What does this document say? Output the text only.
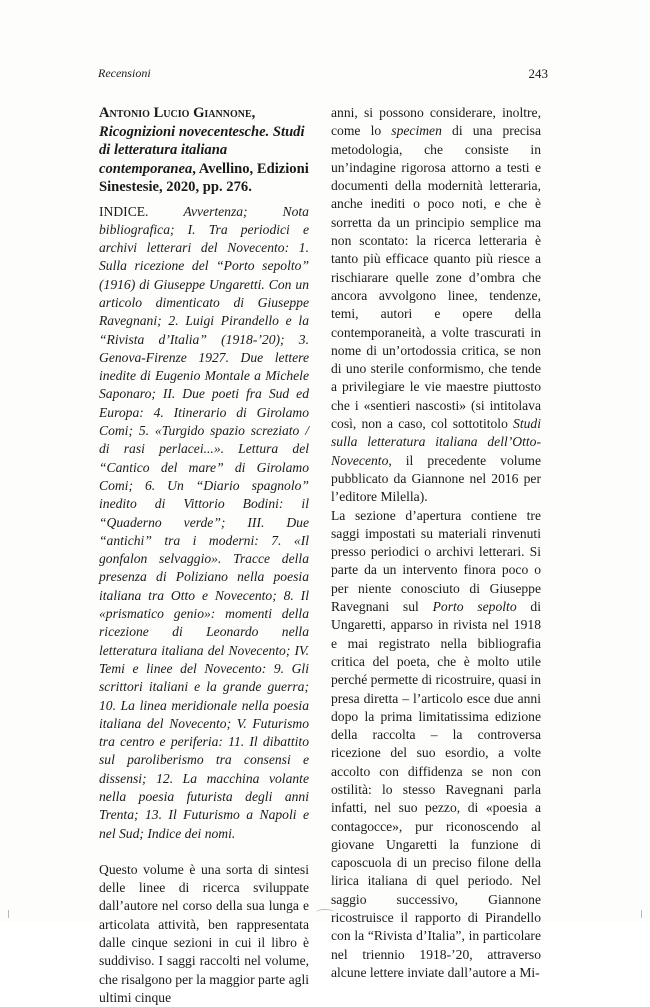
Recensioni	243

Antonio Lucio Giannone, Ricognizioni novecentesche. Studi di letteratura italiana contemporanea, Avellino, Edizioni Sinestesie, 2020, pp. 276.

INDICE.	Avvertenza; Nota bibliografica; I. Tra periodici e archivi letterari del Novecento: 1. Sulla ricezione del “Porto sepolto” (1916) di Giuseppe Ungaretti. Con un articolo dimenticato di Giuseppe Ravegnani; 2. Luigi Pirandello e la “Rivista d’Italia” (1918-’20); 3. Genova-Firenze 1927. Due lettere inedite di Eugenio Montale a Michele Saponaro; II. Due poeti fra Sud ed Europa: 4. Itinerario di Girolamo Comi; 5. «Turgido spazio screziato / di rasi perlacei...». Lettura del “Cantico del mare” di Girolamo Comi; 6. Un “Diario spagnolo” inedito di Vittorio Bodini: il “Quaderno verde”; III. Due “antichi” tra i moderni: 7. «Il gonfalon selvaggio». Tracce della presenza di Poliziano nella poesia italiana tra Otto e Novecento; 8. Il «prismatico genio»: momenti della ricezione di Leonardo nella letteratura italiana del Novecento; IV. Temi e linee del Novecento: 9. Gli scrittori italiani e la grande guerra; 10. La linea meridionale nella poesia italiana del Novecento; V. Futurismo tra centro e periferia: 11. Il dibattito sul paroliberismo tra consensi e dissensi; 12. La macchina volante nella poesia futurista degli anni Trenta; 13. Il Futurismo a Napoli e nel Sud; Indice dei nomi.

Questo volume è una sorta di sintesi delle linee di ricerca sviluppate dall’autore nel corso della sua lunga e articolata attività, ben rappresentata dalle cinque sezioni in cui il libro è suddiviso. I saggi raccolti nel volume, che risalgono per la maggior parte agli ultimi cinque

anni, si possono considerare, inoltre, come lo specimen di una precisa metodologia, che consiste in un’indagine rigorosa attorno a testi e documenti della modernità letteraria, anche inediti o poco noti, e che è sorretta da un principio semplice ma non scontato: la ricerca letteraria è tanto più efficace quanto più riesce a rischiarare quelle zone d’ombra che ancora avvolgono linee, tendenze, temi, autori e opere della contemporaneità, a volte trascurati in nome di un’ortodossia critica, se non di uno sterile conformismo, che tende a privilegiare le vie maestre piuttosto che i «sentieri nascosti» (si intitolava così, non a caso, col sottotitolo Studi sulla letteratura italiana dell’Otto-Novecento, il precedente volume pubblicato da Giannone nel 2016 per l’editore Milella).

La sezione d’apertura contiene tre saggi impostati su materiali rinvenuti presso periodici o archivi letterari. Si parte da un intervento finora poco o per niente conosciuto di Giuseppe Ravegnani sul Porto sepolto di Ungaretti, apparso in rivista nel 1918 e mai registrato nella bibliografia critica del poeta, che è molto utile perché permette di ricostruire, quasi in presa diretta – l’articolo esce due anni dopo la prima limitatissima edizione della raccolta – la controversa ricezione del suo esordio, a volte accolto con diffidenza se non con ostilità: lo stesso Ravegnani parla infatti, nel suo pezzo, di «poesia a contagocce», pur riconoscendo al giovane Ungaretti la funzione di caposcuola di un preciso filone della lirica italiana di quel periodo. Nel saggio successivo, Giannone ricostruisce il rapporto di Pirandello con la “Rivista d’Italia”, in particolare nel triennio 1918-’20, attraverso alcune lettere inviate dall’autore a Mi-
